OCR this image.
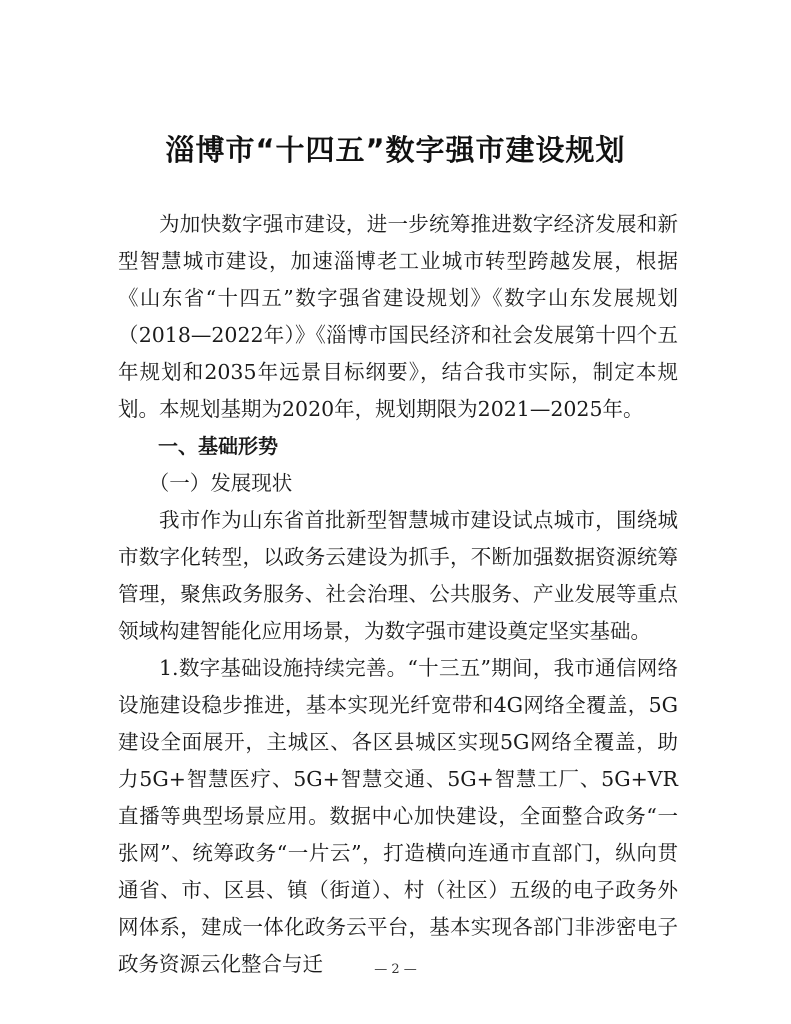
淄博市“十四五”数字强市建设规划

为加快数字强市建设，进一步统筹推进数字经济发展和新型智慧城市建设，加速淄博老工业城市转型跨越发展，根据《山东省“十四五”数字强省建设规划》《数字山东发展规划（2018—2022年）》《淄博市国民经济和社会发展第十四个五年规划和2035年远景目标纲要》，结合我市实际，制定本规划。本规划基期为2020年，规划期限为2021—2025年。

一、基础形势
（一）发展现状

我市作为山东省首批新型智慧城市建设试点城市，围绕城市数字化转型，以政务云建设为抓手，不断加强数据资源统筹管理，聚焦政务服务、社会治理、公共服务、产业发展等重点领域构建智能化应用场景，为数字强市建设奠定坚实基础。

1.数字基础设施持续完善。“十三五”期间，我市通信网络设施建设稳步推进，基本实现光纤宽带和4G网络全覆盖，5G建设全面展开，主城区、各区县城区实现5G网络全覆盖，助力5G+智慧医疗、5G+智慧交通、5G+智慧工厂、5G+VR直播等典型场景应用。数据中心加快建设，全面整合政务“一张网”、统筹政务“一片云”，打造横向连通市直部门，纵向贯通省、市、区县、镇（街道）、村（社区）五级的电子政务外网体系，建成一体化政务云平台，基本实现各部门非涉密电子政务资源云化整合与迁	— 2 —
